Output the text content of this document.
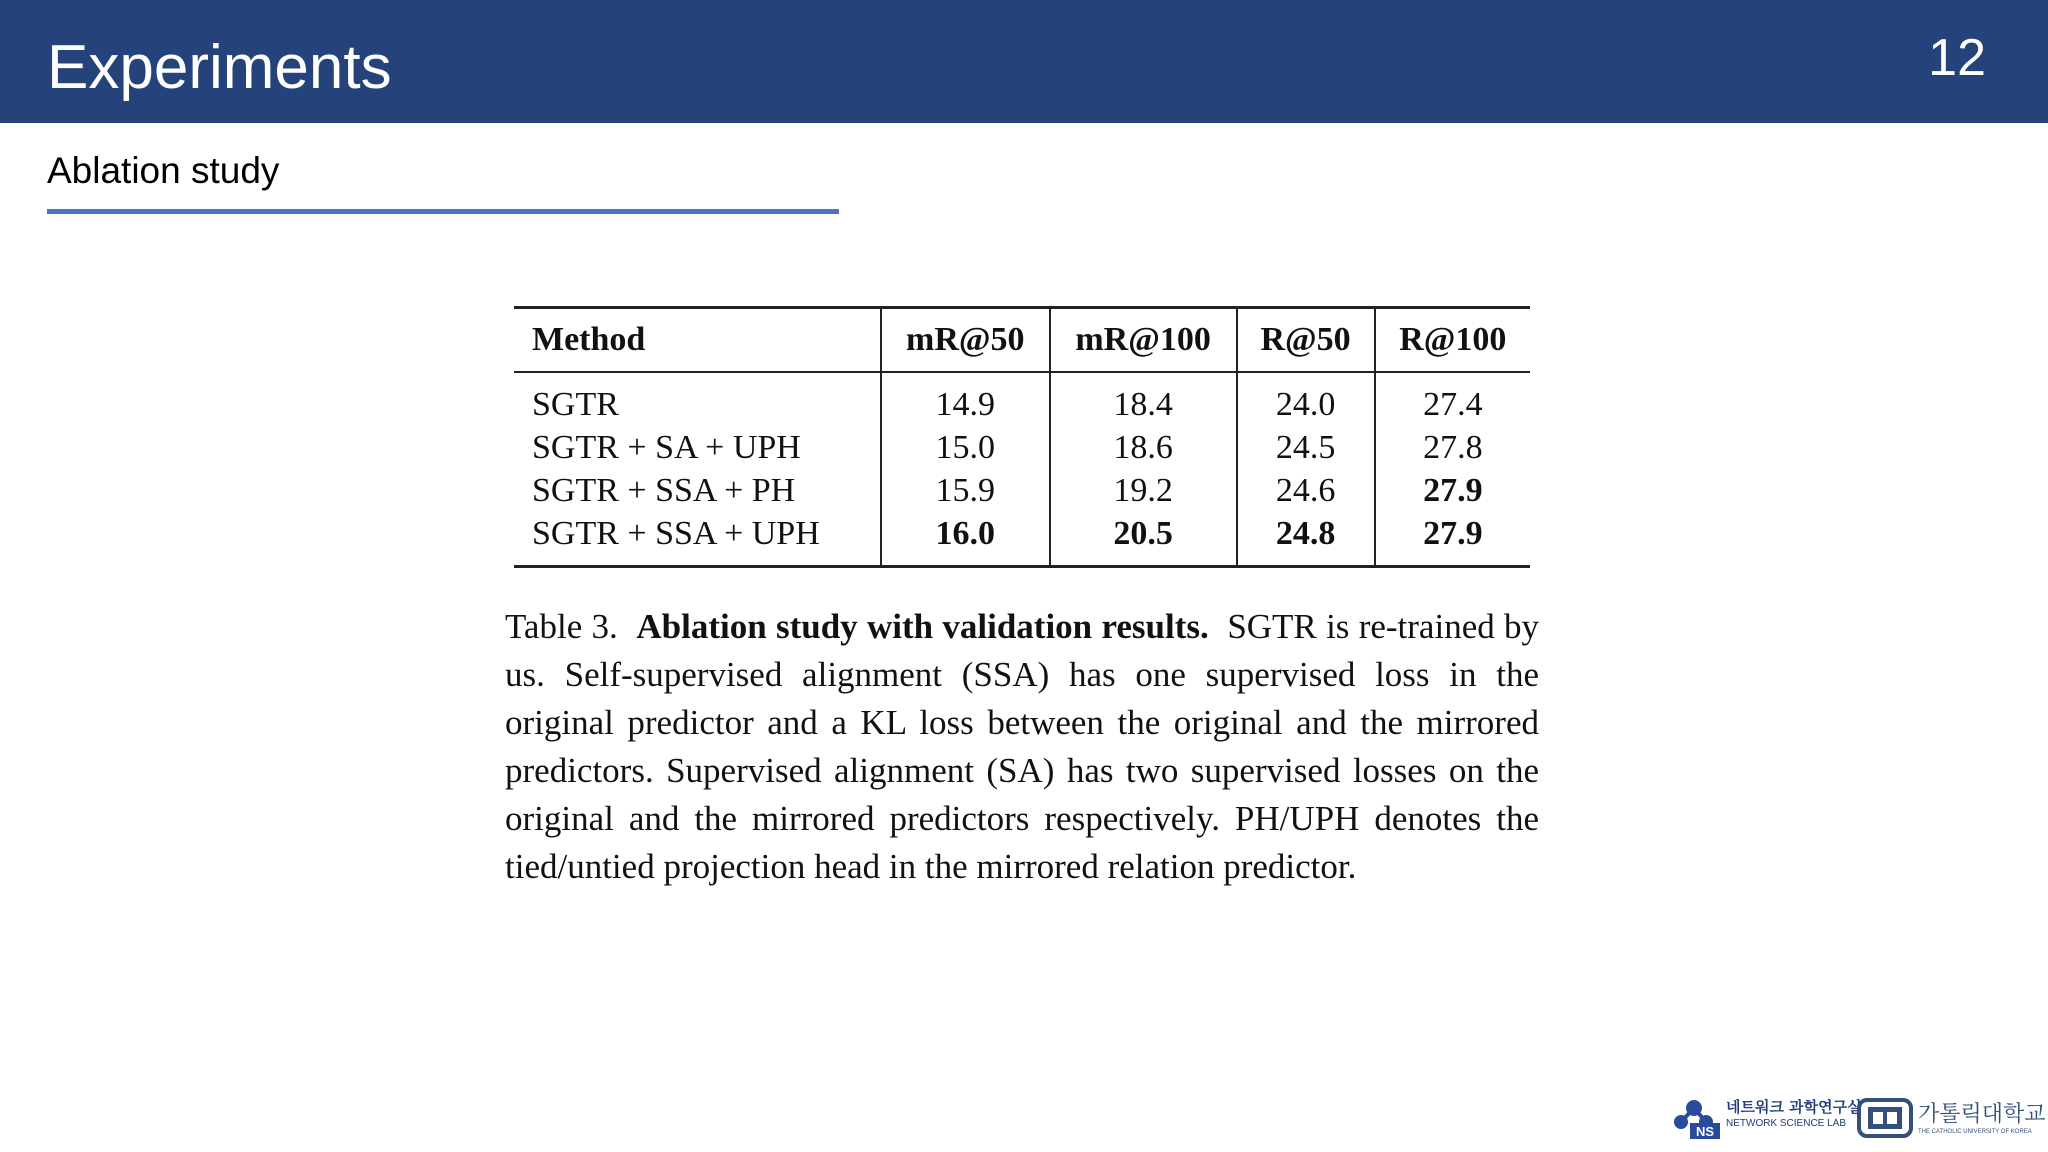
Experiments	12
Ablation study
Method	mR@50	mR@100	R@50	R@100
SGTR	14.9	18.4	24.0	27.4
SGTR + SA + UPH	15.0	18.6	24.5	27.8
SGTR + SSA + PH	15.9	19.2	24.6	27.9
SGTR + SSA + UPH	16.0	20.5	24.8	27.9
Table 3. Ablation study with validation results. SGTR is re-trained by us. Self-supervised alignment (SSA) has one supervised loss in the original predictor and a KL loss between the original and the mirrored predictors. Supervised alignment (SA) has two supervised losses on the original and the mirrored predictors respectively. PH/UPH denotes the tied/untied projection head in the mirrored relation predictor.
NS
네트워크 과학연구실
NETWORK SCIENCE LAB	가톨릭대학교
THE CATHOLIC UNIVERSITY OF KOREA
